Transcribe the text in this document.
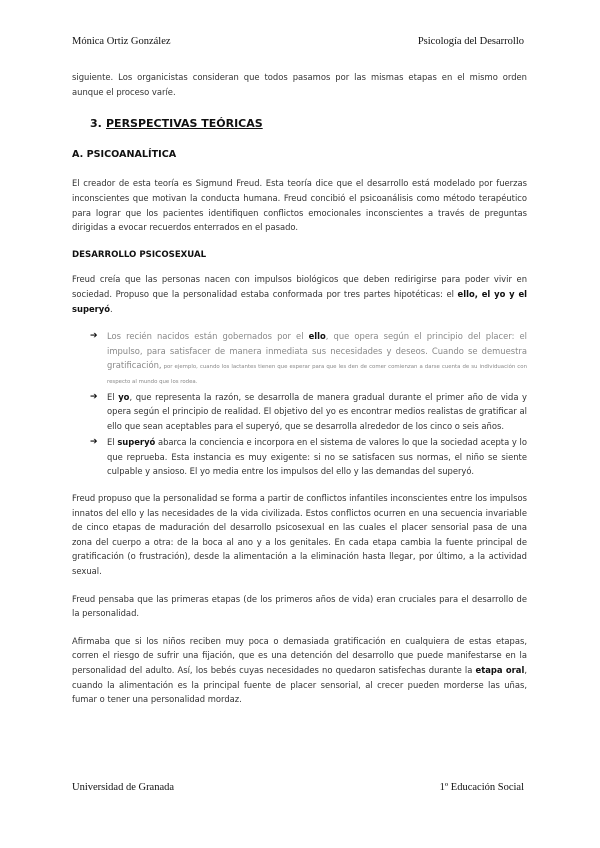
Mónica Ortiz González	Psicología del Desarrollo

siguiente. Los organicistas consideran que todos pasamos por las mismas etapas en el mismo orden aunque el proceso varíe.

3. PERSPECTIVAS TEÓRICAS
A. PSICOANALÍTICA

El creador de esta teoría es Sigmund Freud. Esta teoría dice que el desarrollo está modelado por fuerzas inconscientes que motivan la conducta humana. Freud concibió el psicoanálisis como método terapéutico para lograr que los pacientes identifiquen conflictos emocionales inconscientes a través de preguntas dirigidas a evocar recuerdos enterrados en el pasado.

DESARROLLO PSICOSEXUAL

Freud creía que las personas nacen con impulsos biológicos que deben redirigirse para poder vivir en sociedad. Propuso que la personalidad estaba conformada por tres partes hipotéticas: el ello, el yo y el superyó.

➔ Los recién nacidos están gobernados por el ello, que opera según el principio del placer: el impulso, para satisfacer de manera inmediata sus necesidades y deseos. Cuando se demuestra gratificación, por ejemplo, cuando los lactantes tienen que esperar para que les den de comer comienzan a darse cuenta de su individuación con respecto al mundo que los rodea.
➔ El yo, que representa la razón, se desarrolla de manera gradual durante el primer año de vida y opera según el principio de realidad. El objetivo del yo es encontrar medios realistas de gratificar al ello que sean aceptables para el superyó, que se desarrolla alrededor de los cinco o seis años.
➔ El superyó abarca la conciencia e incorpora en el sistema de valores lo que la sociedad acepta y lo que reprueba. Esta instancia es muy exigente: si no se satisfacen sus normas, el niño se siente culpable y ansioso. El yo media entre los impulsos del ello y las demandas del superyó.

Freud propuso que la personalidad se forma a partir de conflictos infantiles inconscientes entre los impulsos innatos del ello y las necesidades de la vida civilizada. Estos conflictos ocurren en una secuencia invariable de cinco etapas de maduración del desarrollo psicosexual en las cuales el placer sensorial pasa de una zona del cuerpo a otra: de la boca al ano y a los genitales. En cada etapa cambia la fuente principal de gratificación (o frustración), desde la alimentación a la eliminación hasta llegar, por último, a la actividad sexual.

Freud pensaba que las primeras etapas (de los primeros años de vida) eran cruciales para el desarrollo de la personalidad.

Afirmaba que si los niños reciben muy poca o demasiada gratificación en cualquiera de estas etapas, corren el riesgo de sufrir una fijación, que es una detención del desarrollo que puede manifestarse en la personalidad del adulto. Así, los bebés cuyas necesidades no quedaron satisfechas durante la etapa oral, cuando la alimentación es la principal fuente de placer sensorial, al crecer pueden morderse las uñas, fumar o tener una personalidad mordaz.

Universidad de Granada	1º Educación Social
